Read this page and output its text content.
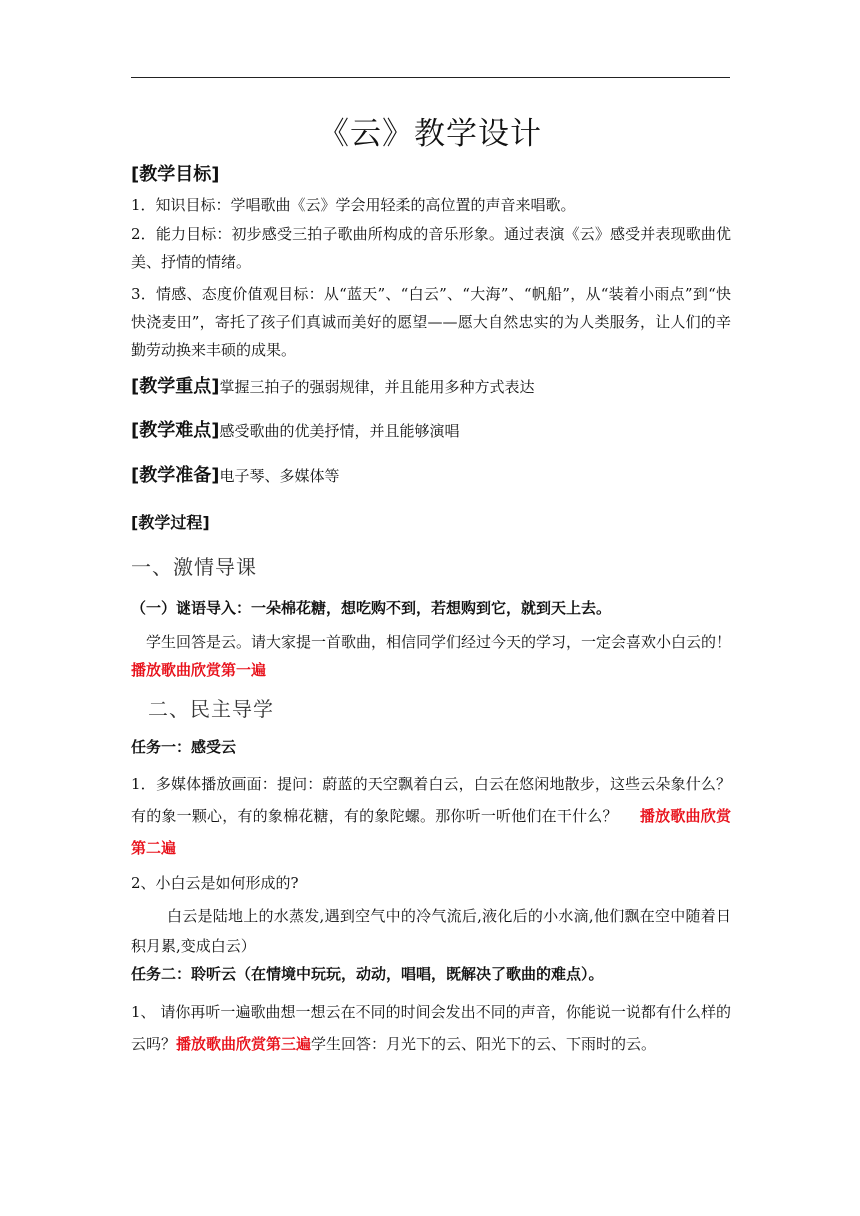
《云》教学设计
[教学目标]
1．知识目标：学唱歌曲《云》学会用轻柔的高位置的声音来唱歌。
2．能力目标：初步感受三拍子歌曲所构成的音乐形象。通过表演《云》感受并表现歌曲优美、抒情的情绪。
3．情感、态度价值观目标：从“蓝天”、“白云”、“大海”、“帆船”，从“装着小雨点”到“快快浇麦田”，寄托了孩子们真诚而美好的愿望——愿大自然忠实的为人类服务，让人们的辛勤劳动换来丰硕的成果。
[教学重点]掌握三拍子的强弱规律，并且能用多种方式表达
[教学难点]感受歌曲的优美抒情，并且能够演唱
[教学准备]电子琴、多媒体等
[教学过程]
一、激情导课
（一）谜语导入：一朵棉花糖，想吃购不到，若想购到它，就到天上去。
学生回答是云。请大家提一首歌曲，相信同学们经过今天的学习，一定会喜欢小白云的！播放歌曲欣赏第一遍
二、民主导学
任务一：感受云
1．多媒体播放画面：提问：蔚蓝的天空飘着白云，白云在悠闲地散步，这些云朵象什么？有的象一颗心，有的象棉花糖，有的象陀螺。那你听一听他们在干什么？ 播放歌曲欣赏第二遍
2、小白云是如何形成的?
白云是陆地上的水蒸发,遇到空气中的冷气流后,液化后的小水滴,他们飘在空中随着日积月累,变成白云）
任务二：聆听云（在情境中玩玩，动动，唱唱，既解决了歌曲的难点）。
1、 请你再听一遍歌曲想一想云在不同的时间会发出不同的声音，你能说一说都有什么样的云吗？播放歌曲欣赏第三遍学生回答：月光下的云、阳光下的云、下雨时的云。
